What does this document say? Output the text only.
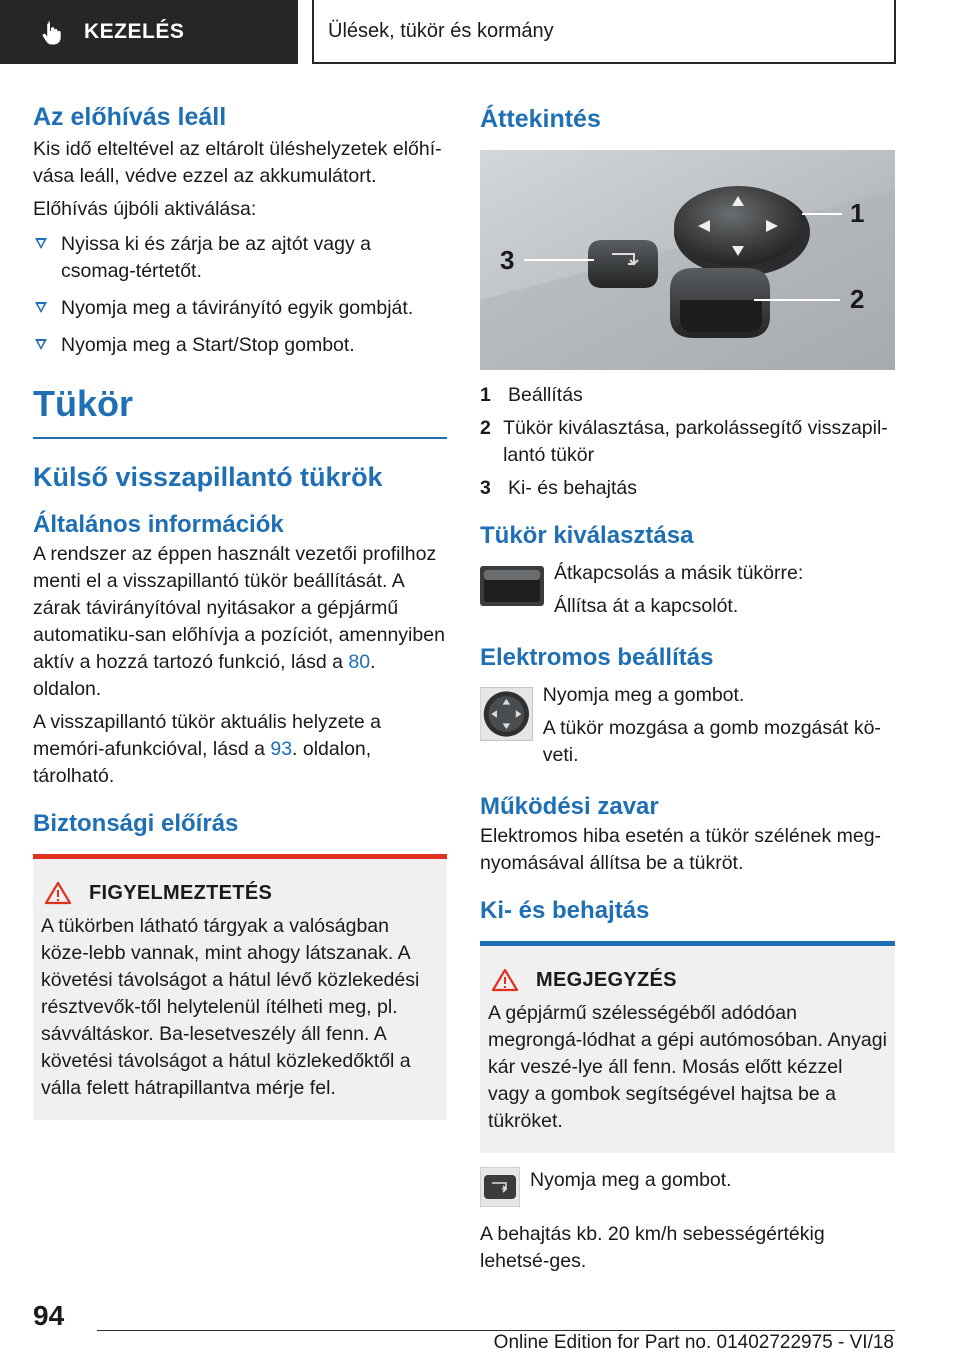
KEZELÉS	Ülések, tükör és kormány
Az előhívás leáll

Kis idő elteltével az eltárolt üléshelyzetek előhí-vása leáll, védve ezzel az akkumulátort.

Előhívás újbóli aktiválása:

Nyissa ki és zárja be az ajtót vagy a csomag-tértetőt.
Nyomja meg a távirányító egyik gombját.
Nyomja meg a Start/Stop gombot.
Tükör
Külső visszapillantó tükrök
Általános információk

A rendszer az éppen használt vezetői profilhoz menti el a visszapillantó tükör beállítását. A zárak távirányítóval nyitásakor a gépjármű automatiku-san előhívja a pozíciót, amennyiben aktív a hozzá tartozó funkció, lásd a 80. oldalon.

A visszapillantó tükör aktuális helyzete a memóri-afunkcióval, lásd a 93. oldalon, tárolható.

Biztonsági előírás
FIGYELMEZTETÉS

A tükörben látható tárgyak a valóságban köze-lebb vannak, mint ahogy látszanak. A követési távolságot a hátul lévő közlekedési résztvevők-től helytelenül ítélheti meg, pl. sávváltáskor. Ba-lesetveszély áll fenn. A követési távolságot a hátul közlekedőktől a válla felett hátrapillantva mérje fel.

Áttekintés
1
2
3
1 Beállítás
2 Tükör kiválasztása, parkolássegítő visszapil-lantó tükör
3 Ki- és behajtás
Tükör kiválasztása

Átkapcsolás a másik tükörre:

Állítsa át a kapcsolót.

Elektromos beállítás

Nyomja meg a gombot.

A tükör mozgása a gomb mozgását kö-veti.

Működési zavar

Elektromos hiba esetén a tükör szélének meg-nyomásával állítsa be a tükröt.

Ki- és behajtás
MEGJEGYZÉS

A gépjármű szélességéből adódóan megrongá-lódhat a gépi autómosóban. Anyagi kár veszé-lye áll fenn. Mosás előtt kézzel vagy a gombok segítségével hajtsa be a tükröket.

Nyomja meg a gombot.

A behajtás kb. 20 km/h sebességértékig lehetsé-ges.

94
Online Edition for Part no. 01402722975 - VI/18
